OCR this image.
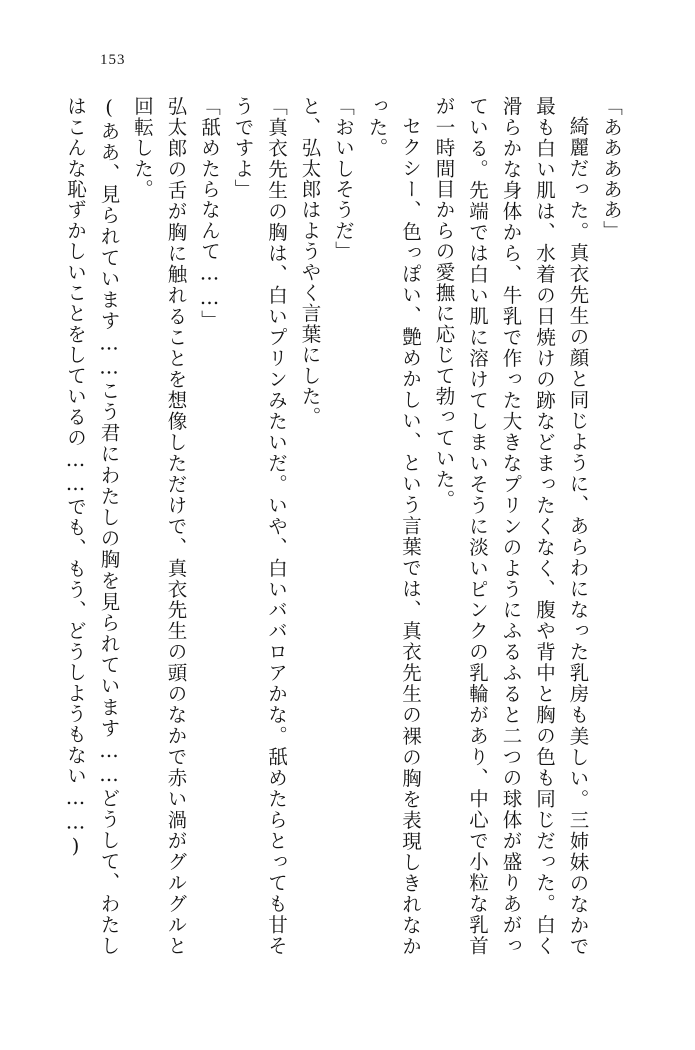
153

「あああああ」

綺麗だった。真衣先生の顔と同じように、あらわになった乳房も美しい。三姉妹のなかで最も白い肌は、水着の日焼けの跡などまったくなく、腹や背中と胸の色も同じだった。白く滑らかな身体から、牛乳で作った大きなプリンのようにふるふると二つの球体が盛りあがっている。先端では白い肌に溶けてしまいそうに淡いピンクの乳輪があり、中心で小粒な乳首が一時間目からの愛撫に応じて勃っていた。

セクシー、色っぽい、艶めかしい、という言葉では、真衣先生の裸の胸を表現しきれなかった。

「おいしそうだ」

と、弘太郎はようやく言葉にした。

「真衣先生の胸は、白いプリンみたいだ。いや、白いババロアかな。舐めたらとっても甘そうですよ」

「舐めたらなんて……」

弘太郎の舌が胸に触れることを想像しただけで、真衣先生の頭のなかで赤い渦がグルグルと回転した。

(ああ、見られています……こう君にわたしの胸を見られています……どうして、わたしはこんな恥ずかしいことをしているの……でも、もう、どうしようもない……)
